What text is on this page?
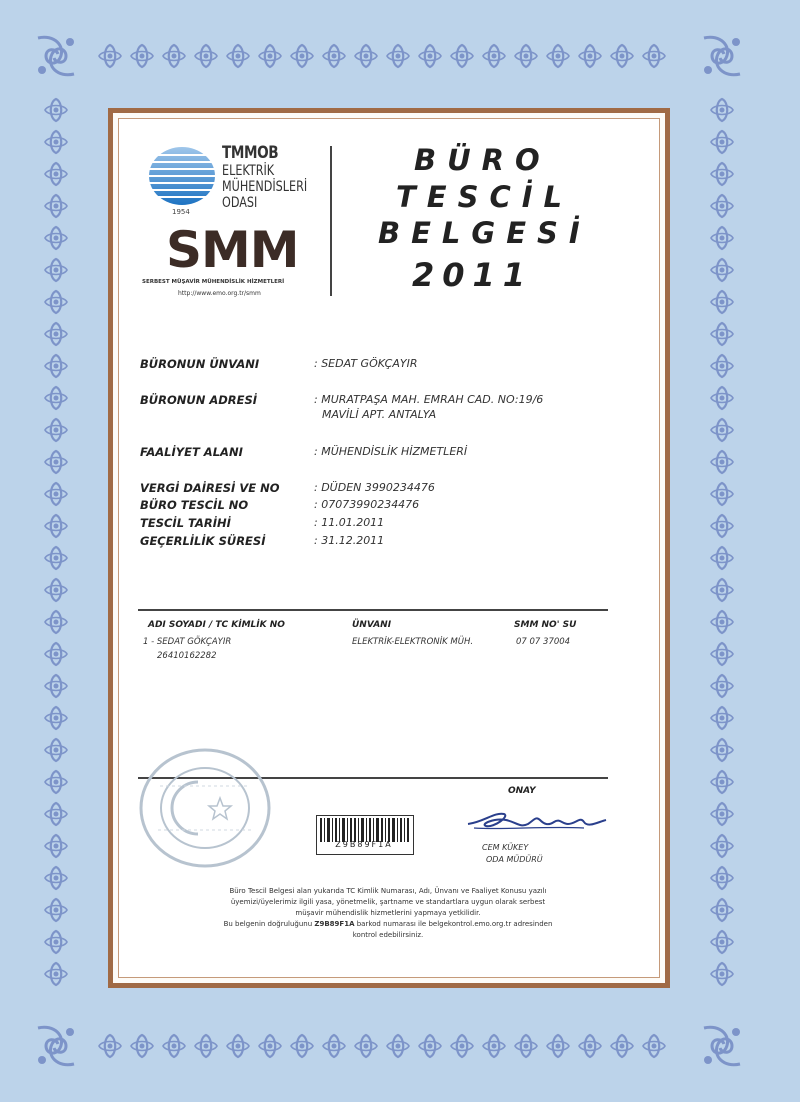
TMMOB
ELEKTRİK
MÜHENDİSLERİ
ODASI
1954
SMM
SERBEST MÜŞAVİR MÜHENDİSLİK HİZMETLERİ
http://www.emo.org.tr/smm
BÜRO
TESCİL
BELGESİ
2011
BÜRONUN ÜNVANI	: SEDAT GÖKÇAYIR
BÜRONUN ADRESİ	: MURATPAŞA MAH. EMRAH CAD. NO:19/6
MAVİLİ APT. ANTALYA
FAALİYET ALANI	: MÜHENDİSLİK HİZMETLERİ
VERGİ DAİRESİ VE NO	: DÜDEN 3990234476
BÜRO TESCİL NO	: 07073990234476
TESCİL TARİHİ	: 11.01.2011
GEÇERLİLİK SÜRESİ	: 31.12.2011
ADI SOYADI / TC KİMLİK NO	ÜNVANI	SMM NO' SU
1 - SEDAT GÖKÇAYIR
26410162282
ELEKTRİK-ELEKTRONİK MÜH.	07 07 37004
Z9B89F1A
ONAY
CEM KÜKEY
ODA MÜDÜRÜ
Büro Tescil Belgesi alan yukarıda TC Kimlik Numarası, Adı, Ünvanı ve Faaliyet Konusu yazılı
üyemizi/üyelerimiz ilgili yasa, yönetmelik, şartname ve standartlara uygun olarak serbest
müşavir mühendislik hizmetlerini yapmaya yetkilidir.
Bu belgenin doğruluğunu Z9B89F1A barkod numarası ile belgekontrol.emo.org.tr adresinden
kontrol edebilirsiniz.
